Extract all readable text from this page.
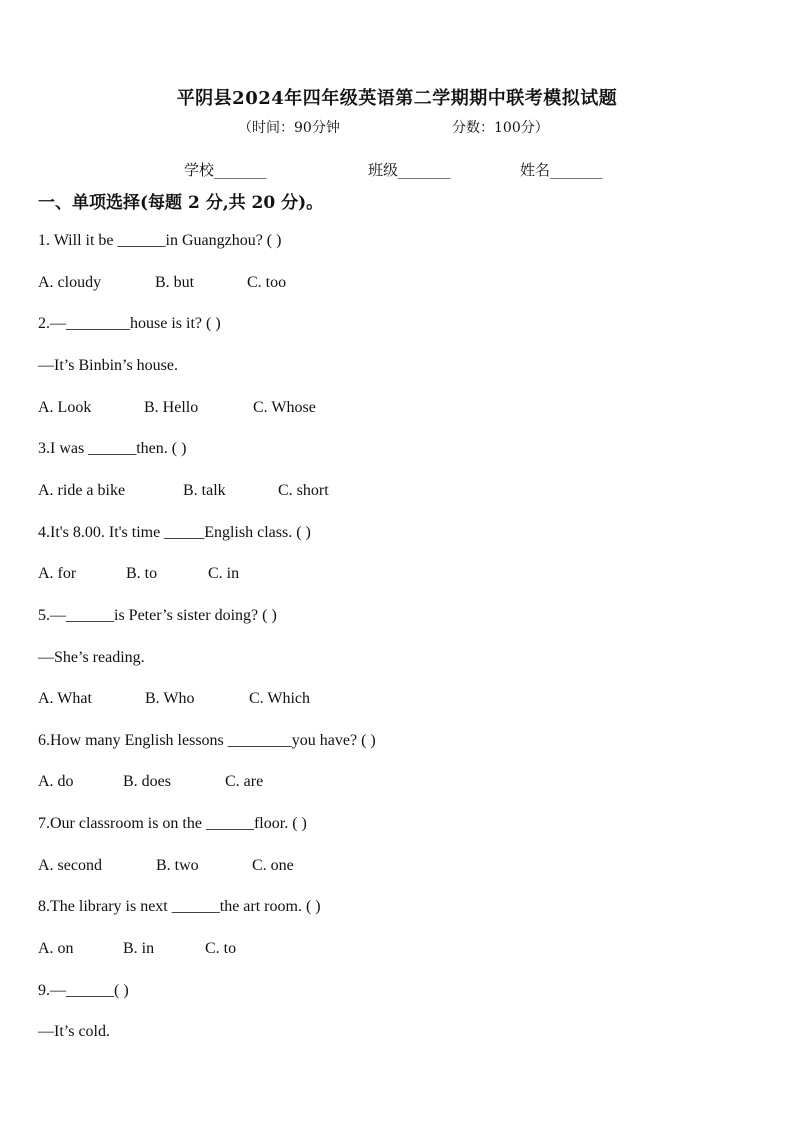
平阴县2024年四年级英语第二学期期中联考模拟试题
（时间：90分钟	分数：100分）
学校_______	班级_______	姓名_______
一、单项选择(每题 2 分,共 20 分)。
1. Will it be ______in Guangzhou? ( )
A. cloudy	B. but	C. too
2.—________house is it? ( )
—It’s Binbin’s house.
A. Look	B. Hello	C. Whose
3.I was ______then. ( )
A. ride a bike	B. talk	C. short
4.It's 8.00. It's time _____English class. ( )
A. for	B. to	C. in
5.—______is Peter’s sister doing? ( )
—She’s reading.
A. What	B. Who	C. Which
6.How many English lessons ________you have? ( )
A. do	B. does	C. are
7.Our classroom is on the ______floor. ( )
A. second	B. two	C. one
8.The library is next ______the art room. ( )
A. on	B. in	C. to
9.—______( )
—It’s cold.
